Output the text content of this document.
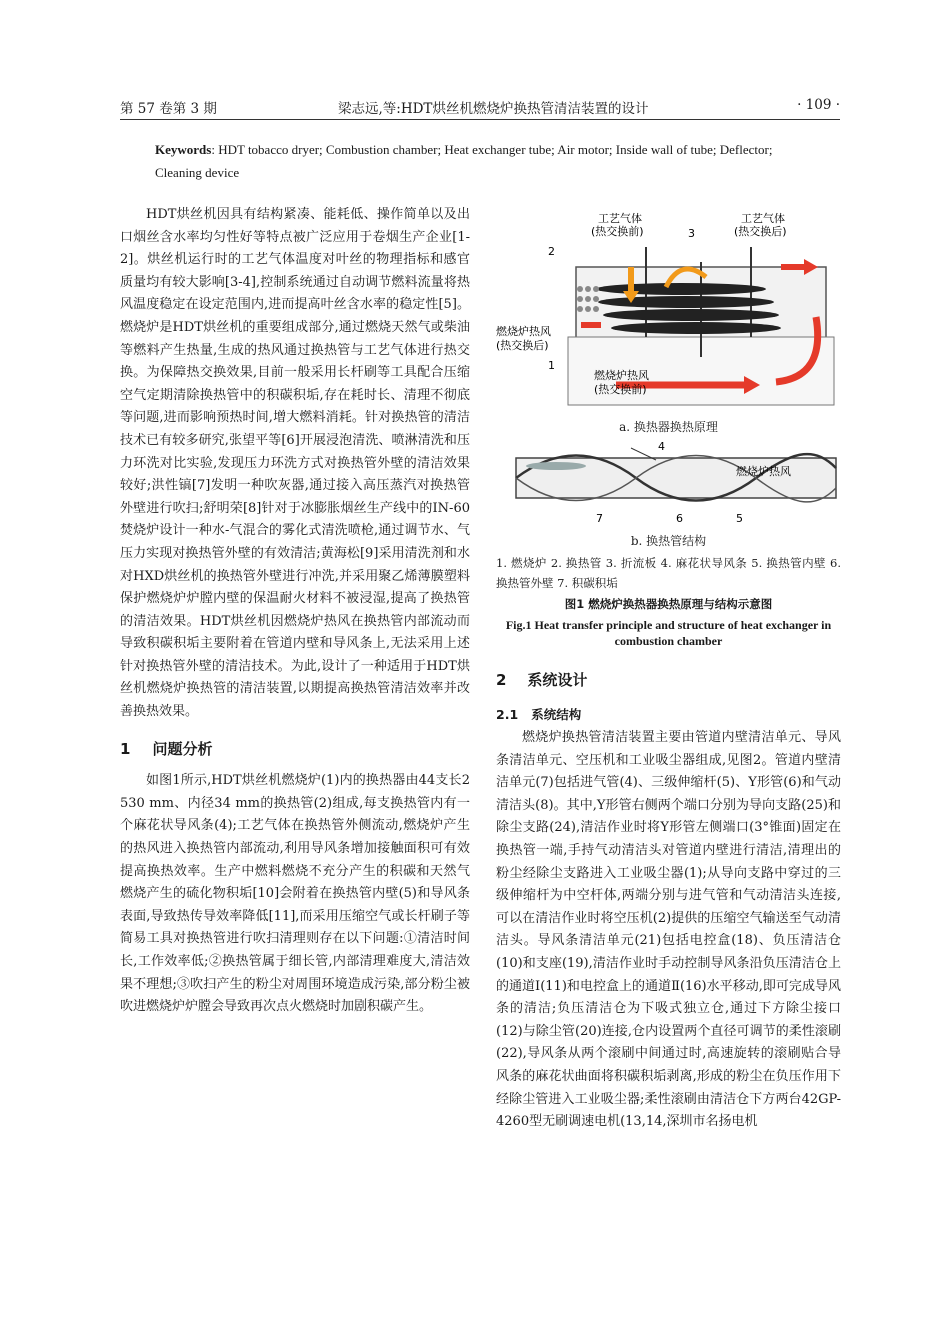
第 57 卷第 3 期	梁志远,等:HDT烘丝机燃烧炉换热管清洁装置的设计	· 109 ·
Keywords: HDT tobacco dryer; Combustion chamber; Heat exchanger tube; Air motor; Inside wall of tube; Deflector; Cleaning device

HDT烘丝机因具有结构紧凑、能耗低、操作简单以及出口烟丝含水率均匀性好等特点被广泛应用于卷烟生产企业[1-2]。烘丝机运行时的工艺气体温度对叶丝的物理指标和感官质量均有较大影响[3-4],控制系统通过自动调节燃料流量将热风温度稳定在设定范围内,进而提高叶丝含水率的稳定性[5]。燃烧炉是HDT烘丝机的重要组成部分,通过燃烧天然气或柴油等燃料产生热量,生成的热风通过换热管与工艺气体进行热交换。为保障热交换效果,目前一般采用长杆刷等工具配合压缩空气定期清除换热管中的积碳积垢,存在耗时长、清理不彻底等问题,进而影响预热时间,增大燃料消耗。针对换热管的清洁技术已有较多研究,张望平等[6]开展浸泡清洗、喷淋清洗和压力环洗对比实验,发现压力环洗方式对换热管外壁的清洁效果较好;洪性镐[7]发明一种吹灰器,通过接入高压蒸汽对换热管外壁进行吹扫;舒明荣[8]针对于冰膨胀烟丝生产线中的IN-60焚烧炉设计一种水-气混合的雾化式清洗喷枪,通过调节水、气压力实现对换热管外壁的有效清洁;黄海松[9]采用清洗剂和水对HXD烘丝机的换热管外壁进行冲洗,并采用聚乙烯薄膜塑料保护燃烧炉炉膛内壁的保温耐火材料不被浸湿,提高了换热管的清洁效果。HDT烘丝机因燃烧炉热风在换热管内部流动而导致积碳积垢主要附着在管道内壁和导风条上,无法采用上述针对换热管外壁的清洁技术。为此,设计了一种适用于HDT烘丝机燃烧炉换热管的清洁装置,以期提高换热管清洁效率并改善换热效果。

1 问题分析

如图1所示,HDT烘丝机燃烧炉(1)内的换热器由44支长2 530 mm、内径34 mm的换热管(2)组成,每支换热管内有一个麻花状导风条(4);工艺气体在换热管外侧流动,燃烧炉产生的热风进入换热管内部流动,利用导风条增加接触面积可有效提高换热效率。生产中燃料燃烧不充分产生的积碳和天然气燃烧产生的硫化物积垢[10]会附着在换热管内壁(5)和导风条表面,导致热传导效率降低[11],而采用压缩空气或长杆刷子等简易工具对换热管进行吹扫清理则存在以下问题:①清洁时间长,工作效率低;②换热管属于细长管,内部清理难度大,清洁效果不理想;③吹扫产生的粉尘对周围环境造成污染,部分粉尘被吹进燃烧炉炉膛会导致再次点火燃烧时加剧积碳产生。

工艺气体
(热交换前)
工艺气体
(热交换后)
燃烧炉热风
(热交换后)
燃烧炉热风
(热交换前)
1
2
3
a. 换热器换热原理
4
燃烧炉热风
7	6	5
b. 换热管结构
1. 燃烧炉 2. 换热管 3. 折流板 4. 麻花状导风条 5. 换热管内壁 6. 换热管外壁 7. 积碳积垢
图1 燃烧炉换热器换热原理与结构示意图
Fig.1 Heat transfer principle and structure of heat exchanger in combustion chamber
2 系统设计
2.1 系统结构

燃烧炉换热管清洁装置主要由管道内壁清洁单元、导风条清洁单元、空压机和工业吸尘器组成,见图2。管道内壁清洁单元(7)包括进气管(4)、三级伸缩杆(5)、Y形管(6)和气动清洁头(8)。其中,Y形管右侧两个端口分别为导向支路(25)和除尘支路(24),清洁作业时将Y形管左侧端口(3°锥面)固定在换热管一端,手持气动清洁头对管道内壁进行清洁,清理出的粉尘经除尘支路进入工业吸尘器(1);从导向支路中穿过的三级伸缩杆为中空杆体,两端分别与进气管和气动清洁头连接,可以在清洁作业时将空压机(2)提供的压缩空气输送至气动清洁头。导风条清洁单元(21)包括电控盒(18)、负压清洁仓(10)和支座(19),清洁作业时手动控制导风条沿负压清洁仓上的通道Ⅰ(11)和电控盒上的通道Ⅱ(16)水平移动,即可完成导风条的清洁;负压清洁仓为下吸式独立仓,通过下方除尘接口(12)与除尘管(20)连接,仓内设置两个直径可调节的柔性滚刷(22),导风条从两个滚刷中间通过时,高速旋转的滚刷贴合导风条的麻花状曲面将积碳积垢剥离,形成的粉尘在负压作用下经除尘管进入工业吸尘器;柔性滚刷由清洁仓下方两台42GP-4260型无刷调速电机(13,14,深圳市名扬电机
